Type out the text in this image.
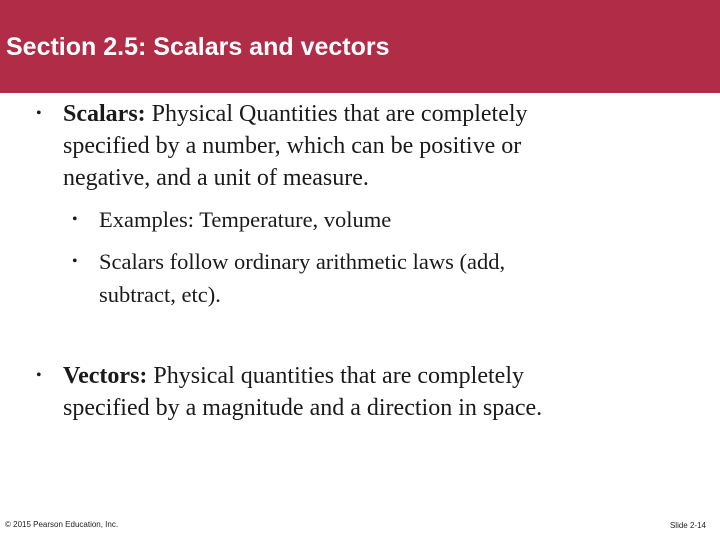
Section 2.5: Scalars and vectors
• Scalars: Physical Quantities that are completely
specified by a number, which can be positive or
negative, and a unit of measure.
• Examples: Temperature, volume
• Scalars follow ordinary arithmetic laws (add,
subtract, etc).
• Vectors: Physical quantities that are completely
specified by a magnitude and a direction in space.
© 2015 Pearson Education, Inc.	Slide 2-14
